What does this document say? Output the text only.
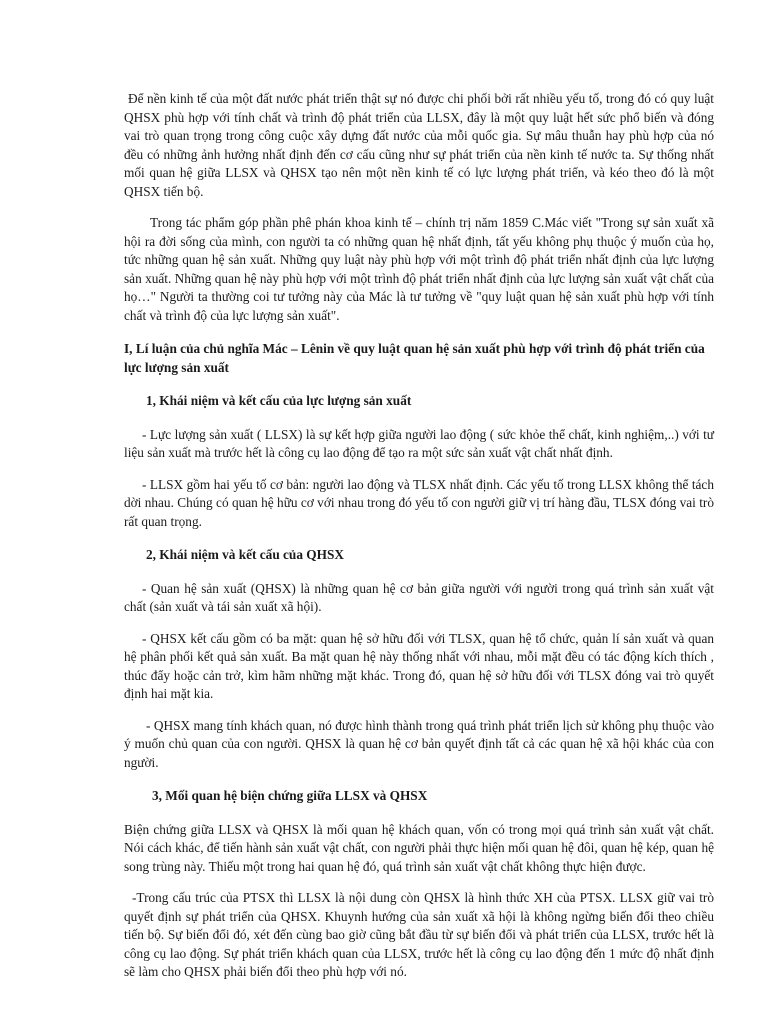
Để nền kinh tế của một đất nước phát triển thật sự nó được chi phối bởi rất nhiều yếu tố, trong đó có quy luật QHSX phù hợp với tính chất và trình độ phát triển của LLSX, đây là một quy luật hết sức phổ biến và đóng vai trò quan trọng trong công cuộc xây dựng đất nước của mỗi quốc gia. Sự mâu thuẫn hay phù hợp của nó đều có những ảnh hưởng nhất định đến cơ cấu cũng như sự phát triển của nền kinh tế nước ta. Sự thống nhất mối quan hệ giữa LLSX và QHSX tạo nên một nền kinh tế có lực lượng phát triển, và kéo theo đó là một QHSX tiến bộ.

Trong tác phẩm góp phần phê phán khoa kinh tế – chính trị năm 1859 C.Mác viết "Trong sự sản xuất xã hội ra đời sống của mình, con người ta có những quan hệ nhất định, tất yếu không phụ thuộc ý muốn của họ, tức những quan hệ sản xuất. Những quy luật này phù hợp với một trình độ phát triển nhất định của lực lượng sản xuất. Những quan hệ này phù hợp với một trình độ phát triển nhất định của lực lượng sản xuất vật chất của họ…" Người ta thường coi tư tưởng này của Mác là tư tưởng về "quy luật quan hệ sản xuất phù hợp với tính chất và trình độ của lực lượng sản xuất".

I, Lí luận của chủ nghĩa Mác – Lênin về quy luật quan hệ sản xuất phù hợp với trình độ phát triển của lực lượng sản xuất

1, Khái niệm và kết cấu của lực lượng sản xuất

- Lực lượng sản xuất ( LLSX) là sự kết hợp giữa người lao động ( sức khỏe thể chất, kinh nghiệm,..) với tư liệu sản xuất mà trước hết là công cụ lao động để tạo ra một sức sản xuất vật chất nhất định.

- LLSX gồm hai yếu tố cơ bản: người lao động và TLSX nhất định. Các yếu tố trong LLSX không thể tách dời nhau. Chúng có quan hệ hữu cơ với nhau trong đó yếu tố con người giữ vị trí hàng đầu, TLSX đóng vai trò rất quan trọng.

2, Khái niệm và kết cấu của QHSX

- Quan hệ sản xuất (QHSX) là những quan hệ cơ bản giữa người với người trong quá trình sản xuất vật chất (sản xuất và tái sản xuất xã hội).

- QHSX kết cấu gồm có ba mặt: quan hệ sở hữu đối với TLSX, quan hệ tổ chức, quản lí sản xuất và quan hệ phân phối kết quả sản xuất. Ba mặt quan hệ này thống nhất với nhau, mỗi mặt đều có tác động kích thích , thúc đẩy hoặc cản trở, kìm hãm những mặt khác. Trong đó, quan hệ sở hữu đối với TLSX đóng vai trò quyết định hai mặt kia.

- QHSX mang tính khách quan, nó được hình thành trong quá trình phát triển lịch sử không phụ thuộc vào ý muốn chủ quan của con người. QHSX là quan hệ cơ bản quyết định tất cả các quan hệ xã hội khác của con người.

3, Mối quan hệ biện chứng giữa LLSX và QHSX

Biện chứng giữa LLSX và QHSX là mối quan hệ khách quan, vốn có trong mọi quá trình sản xuất vật chất. Nói cách khác, để tiến hành sản xuất vật chất, con người phải thực hiện mối quan hệ đôi, quan hệ kép, quan hệ song trùng này. Thiếu một trong hai quan hệ đó, quá trình sản xuất vật chất không thực hiện được.

-Trong cấu trúc của PTSX thì LLSX là nội dung còn QHSX là hình thức XH của PTSX. LLSX giữ vai trò quyết định sự phát triển của QHSX. Khuynh hướng của sản xuất xã hội là không ngừng biến đổi theo chiều tiến bộ. Sự biến đổi đó, xét đến cùng bao giờ cũng bắt đầu từ sự biến đổi và phát triển của LLSX, trước hết là công cụ lao động. Sự phát triển khách quan của LLSX, trước hết là công cụ lao động đến 1 mức độ nhất định sẽ làm cho QHSX phải biến đổi theo phù hợp với nó.
